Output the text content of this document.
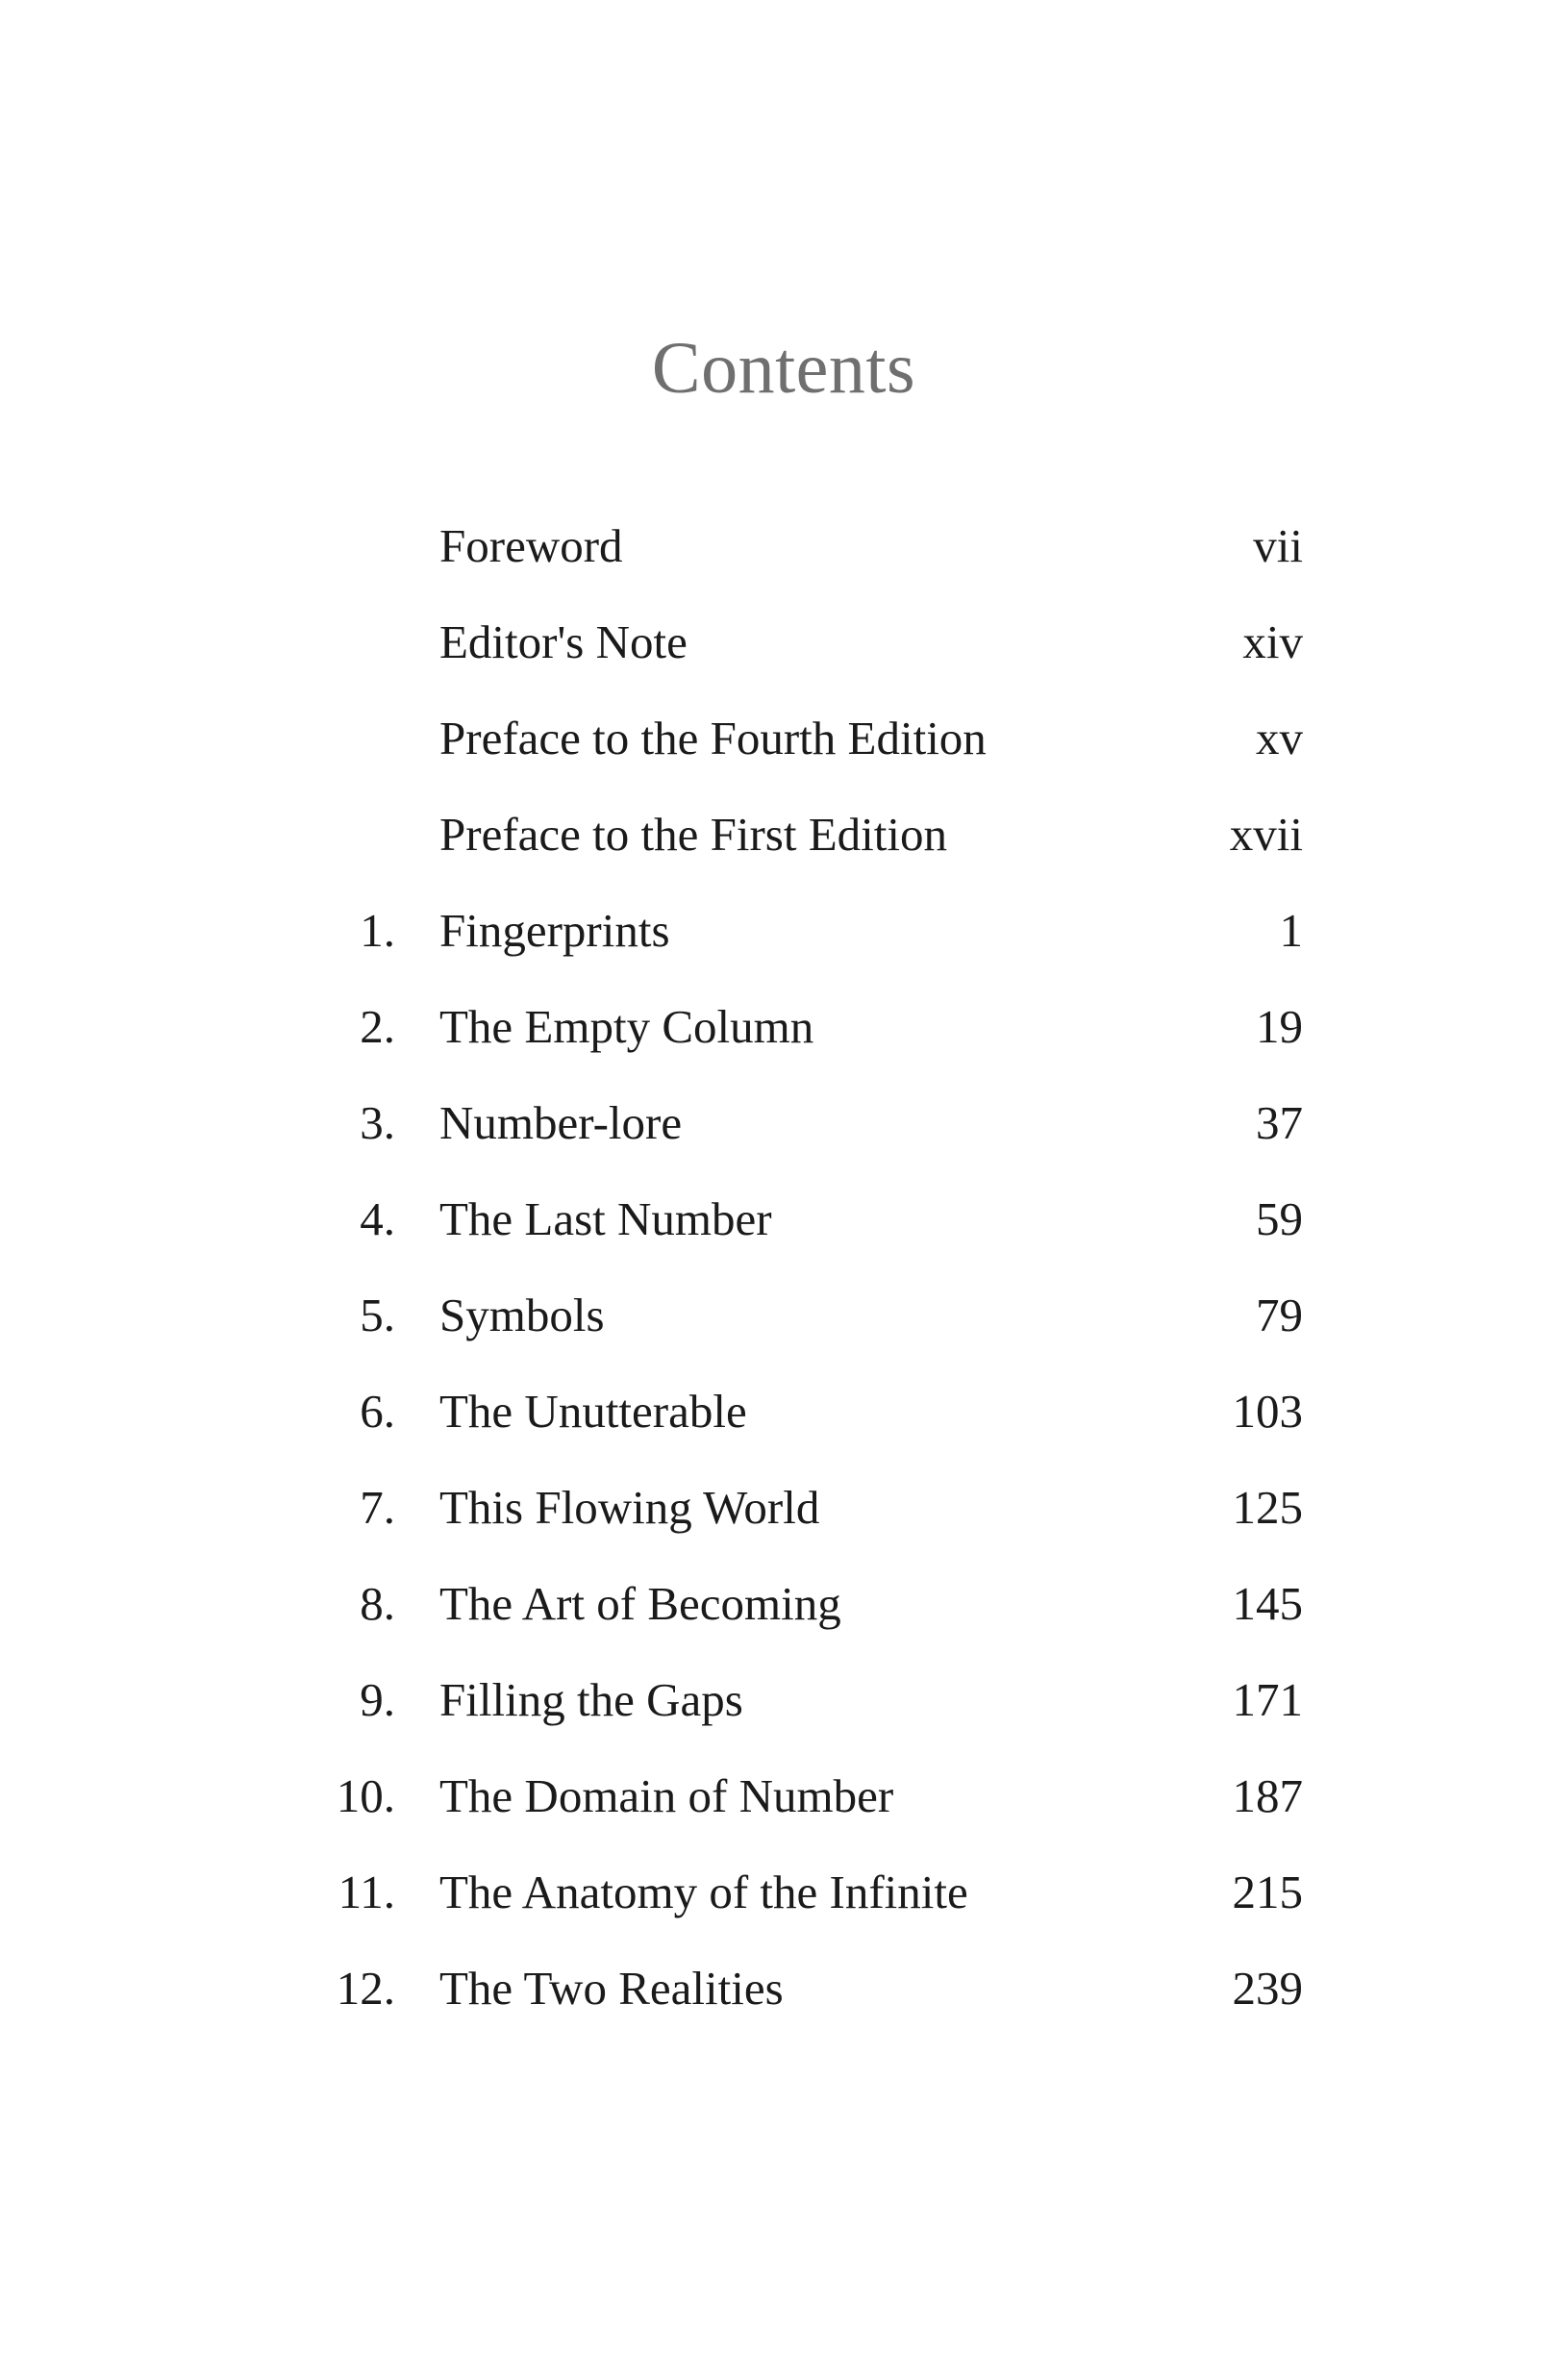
Contents
Foreword	vii
Editor's Note	xiv
Preface to the Fourth Edition	xv
Preface to the First Edition	xvii
1. Fingerprints	1
2. The Empty Column	19
3. Number-lore	37
4. The Last Number	59
5. Symbols	79
6. The Unutterable	103
7. This Flowing World	125
8. The Art of Becoming	145
9. Filling the Gaps	171
10. The Domain of Number	187
11. The Anatomy of the Infinite	215
12. The Two Realities	239
